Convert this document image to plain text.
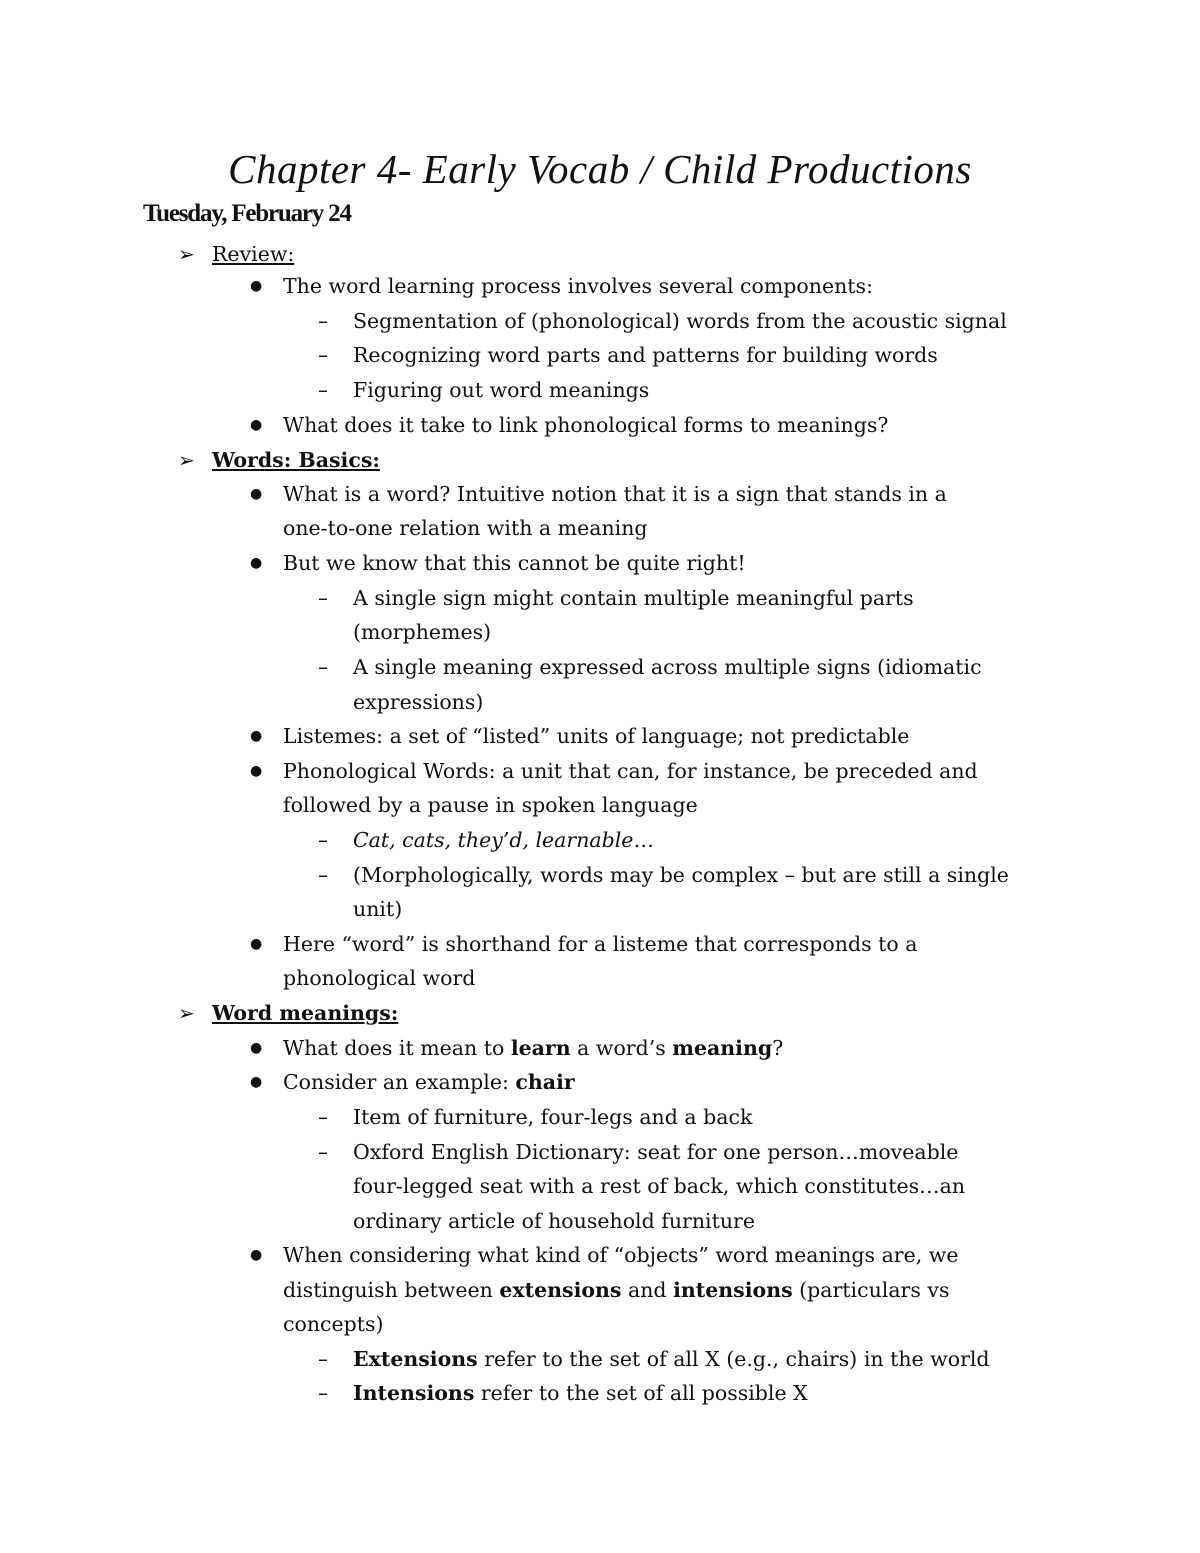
Chapter 4- Early Vocab / Child Productions
Tuesday, February 24
➢ Review:
● The word learning process involves several components:
– Segmentation of (phonological) words from the acoustic signal
– Recognizing word parts and patterns for building words
– Figuring out word meanings
● What does it take to link phonological forms to meanings?
➢ Words: Basics:
● What is a word? Intuitive notion that it is a sign that stands in a
one-to-one relation with a meaning
● But we know that this cannot be quite right!
– A single sign might contain multiple meaningful parts
(morphemes)
– A single meaning expressed across multiple signs (idiomatic
expressions)
● Listemes: a set of “listed” units of language; not predictable
● Phonological Words: a unit that can, for instance, be preceded and
followed by a pause in spoken language
– Cat, cats, they’d, learnable…
– (Morphologically, words may be complex – but are still a single
unit)
● Here “word” is shorthand for a listeme that corresponds to a
phonological word
➢ Word meanings:
● What does it mean to learn a word’s meaning?
● Consider an example: chair
– Item of furniture, four-legs and a back
– Oxford English Dictionary: seat for one person…moveable
four-legged seat with a rest of back, which constitutes…an
ordinary article of household furniture
● When considering what kind of “objects” word meanings are, we
distinguish between extensions and intensions (particulars vs
concepts)
– Extensions refer to the set of all X (e.g., chairs) in the world
– Intensions refer to the set of all possible X
